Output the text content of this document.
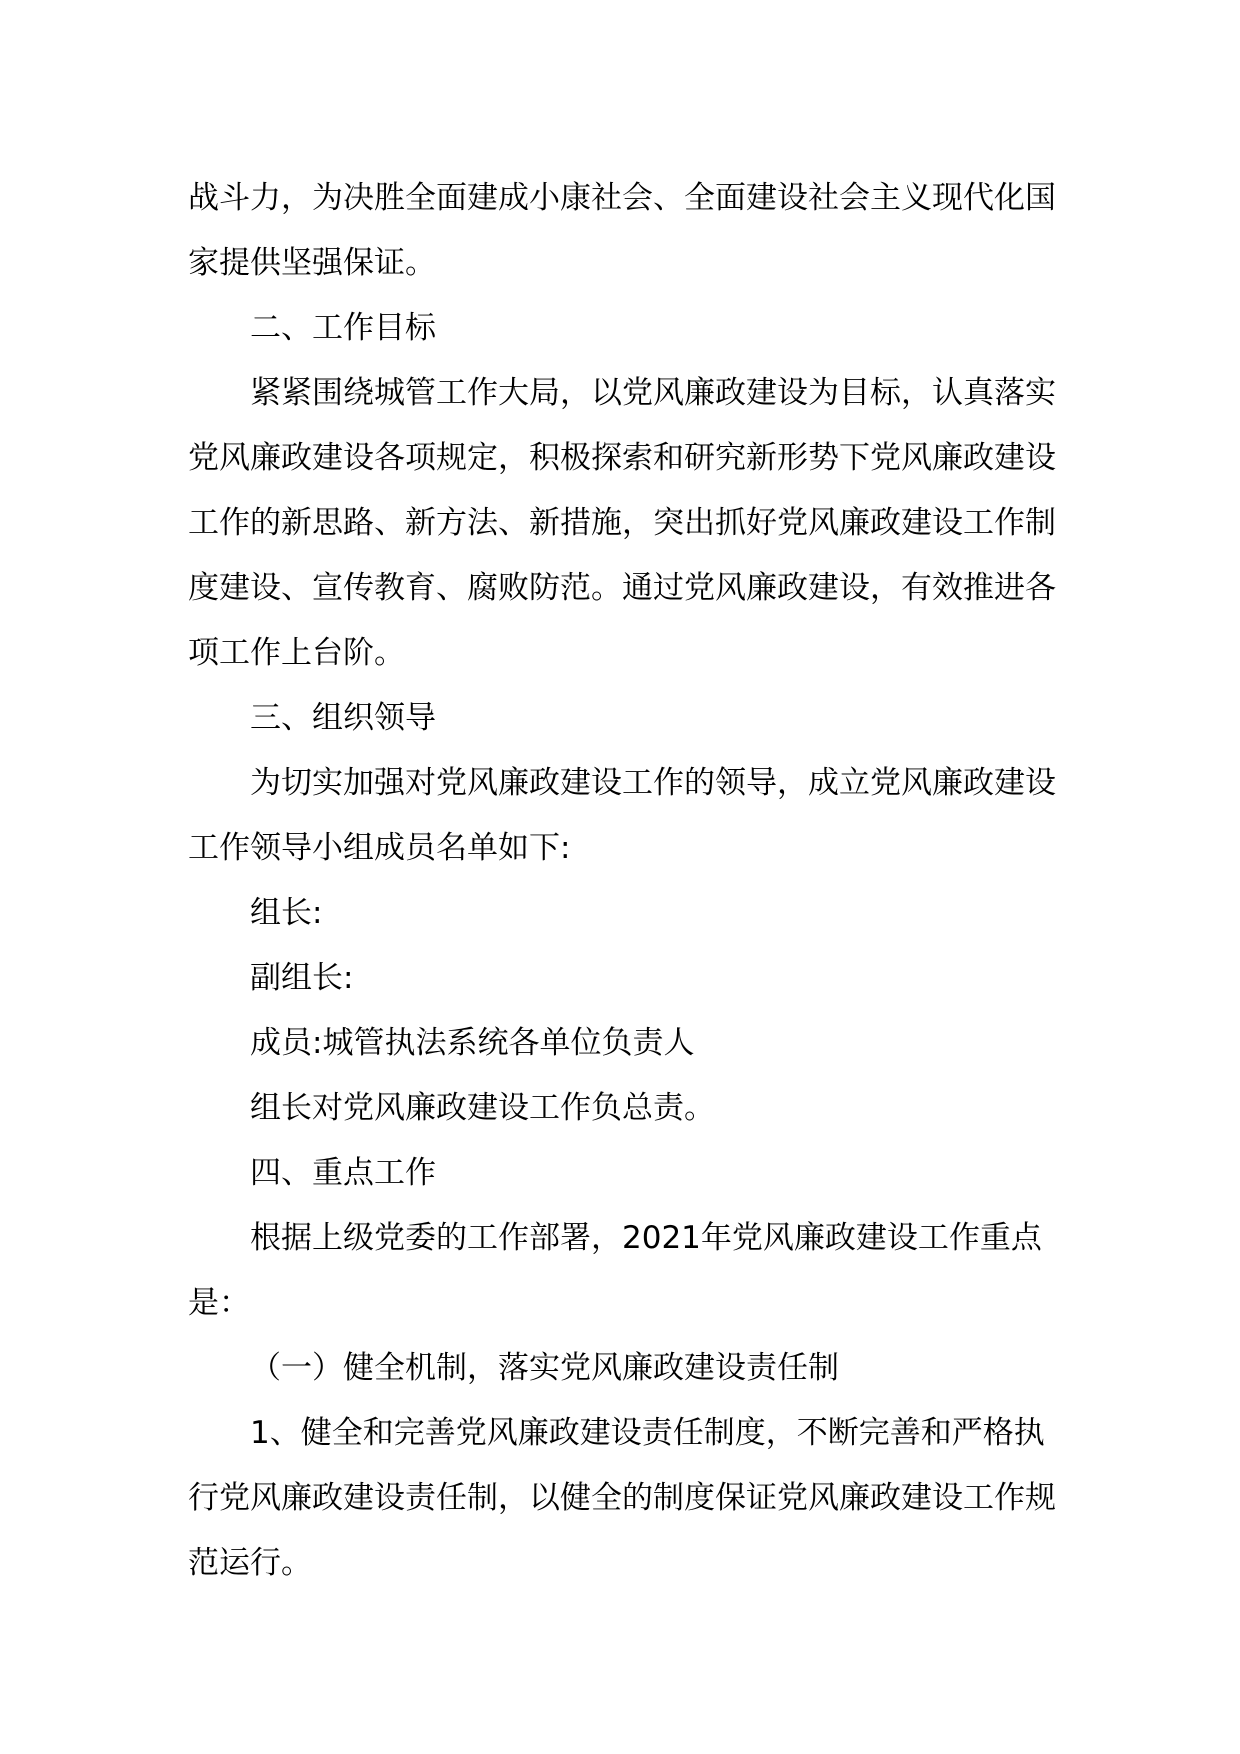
战斗力，为决胜全面建成小康社会、全面建设社会主义现代化国家提供坚强保证。

二、工作目标

紧紧围绕城管工作大局，以党风廉政建设为目标，认真落实党风廉政建设各项规定，积极探索和研究新形势下党风廉政建设工作的新思路、新方法、新措施，突出抓好党风廉政建设工作制度建设、宣传教育、腐败防范。通过党风廉政建设，有效推进各项工作上台阶。

三、组织领导

为切实加强对党风廉政建设工作的领导，成立党风廉政建设工作领导小组成员名单如下:

组长:

副组长:

成员:城管执法系统各单位负责人

组长对党风廉政建设工作负总责。

四、重点工作

根据上级党委的工作部署，2021年党风廉政建设工作重点是：

（一）健全机制，落实党风廉政建设责任制

1、健全和完善党风廉政建设责任制度，不断完善和严格执行党风廉政建设责任制，以健全的制度保证党风廉政建设工作规范运行。
